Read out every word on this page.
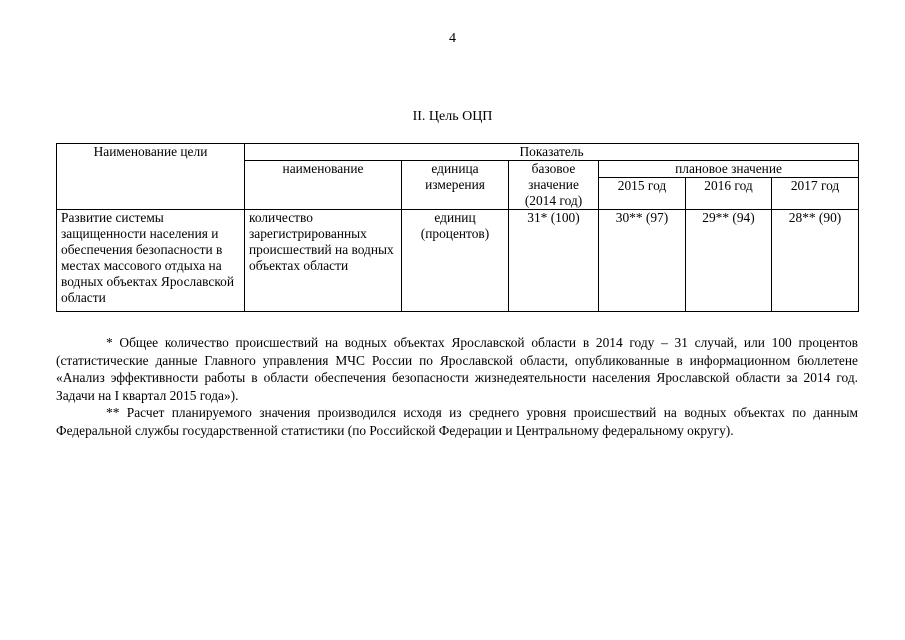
4
II. Цель ОЦП
Наименование цели	Показатель					
	наименование	единица измерения	базовое значение (2014 год)	плановое значение		
				2015 год	2016 год	2017 год
Развитие системы защищенности населения и обеспечения безопасности в местах массового отдыха на водных объектах Ярославской области	количество зарегистрированных происшествий на водных объектах области	единиц (процентов)	31* (100)	30** (97)	29** (94)	28** (90)

* Общее количество происшествий на водных объектах Ярославской области в 2014 году – 31 случай, или 100 процентов (статистические данные Главного управления МЧС России по Ярославской области, опубликованные в информационном бюллетене «Анализ эффективности работы в области обеспечения безопасности жизнедеятельности населения Ярославской области за 2014 год. Задачи на I квартал 2015 года»).

** Расчет планируемого значения производился исходя из среднего уровня происшествий на водных объектах по данным Федеральной службы государственной статистики (по Российской Федерации и Центральному федеральному округу).
